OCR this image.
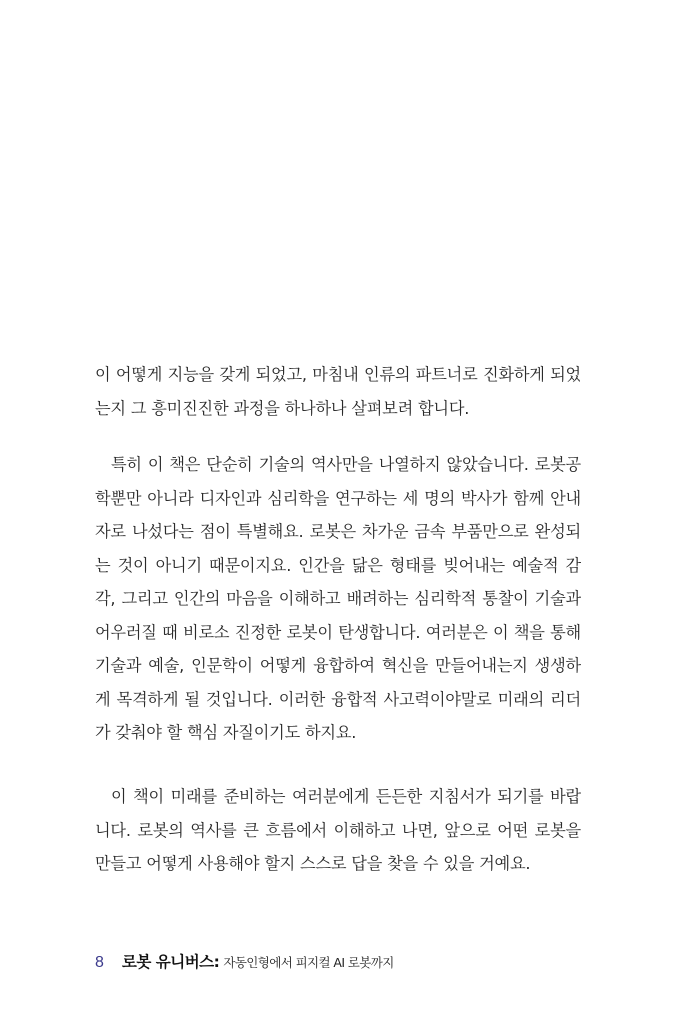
이 어떻게 지능을 갖게 되었고, 마침내 인류의 파트너로 진화하게 되었
는지 그 흥미진진한 과정을 하나하나 살펴보려 합니다.
특히 이 책은 단순히 기술의 역사만을 나열하지 않았습니다. 로봇공
학뿐만 아니라 디자인과 심리학을 연구하는 세 명의 박사가 함께 안내
자로 나섰다는 점이 특별해요. 로봇은 차가운 금속 부품만으로 완성되
는 것이 아니기 때문이지요. 인간을 닮은 형태를 빚어내는 예술적 감
각, 그리고 인간의 마음을 이해하고 배려하는 심리학적 통찰이 기술과
어우러질 때 비로소 진정한 로봇이 탄생합니다. 여러분은 이 책을 통해
기술과 예술, 인문학이 어떻게 융합하여 혁신을 만들어내는지 생생하
게 목격하게 될 것입니다. 이러한 융합적 사고력이야말로 미래의 리더
가 갖춰야 할 핵심 자질이기도 하지요.
이 책이 미래를 준비하는 여러분에게 든든한 지침서가 되기를 바랍
니다. 로봇의 역사를 큰 흐름에서 이해하고 나면, 앞으로 어떤 로봇을
만들고 어떻게 사용해야 할지 스스로 답을 찾을 수 있을 거예요.
8 로봇 유니버스: 자동인형에서 피지컬 AI 로봇까지
